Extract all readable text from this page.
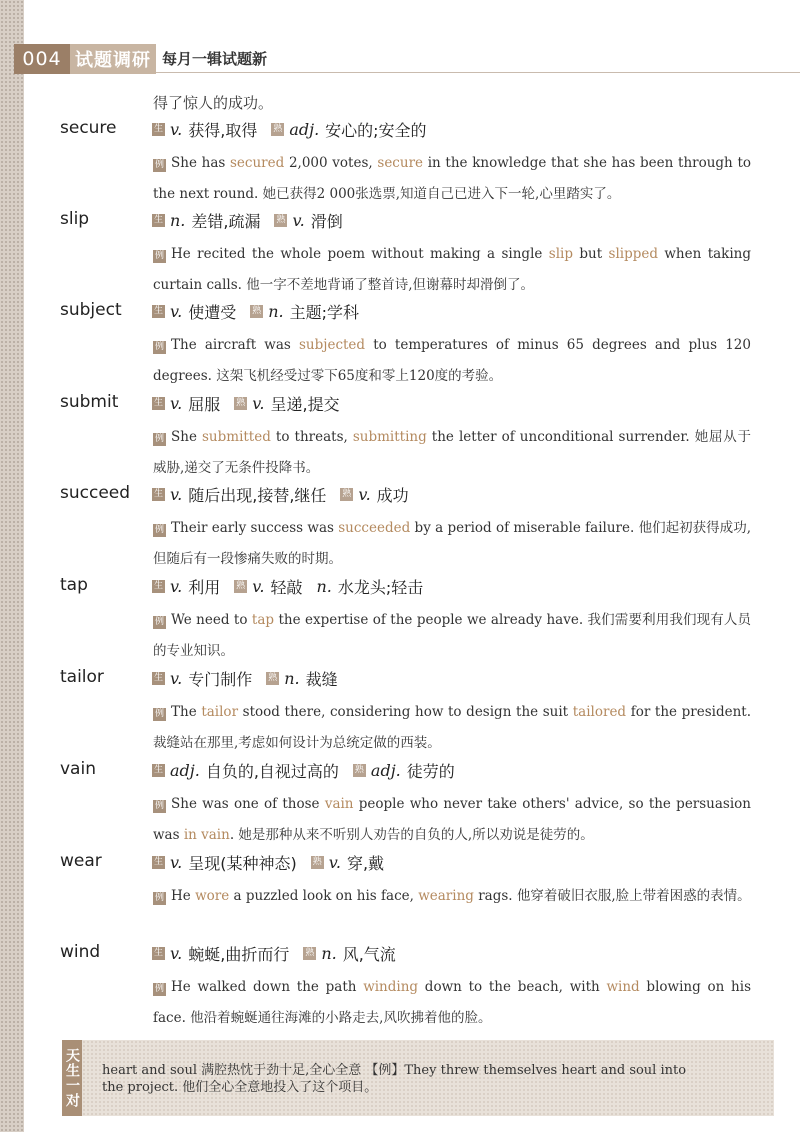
004 试题调研 每月一辑试题新
得了惊人的成功。
secure	生 v. 获得,取得 熟 adj. 安心的;安全的
例 She has secured 2,000 votes, secure in the knowledge that she has been through to the next round. 她已获得2 000张选票,知道自己已进入下一轮,心里踏实了。
slip	生 n. 差错,疏漏 熟 v. 滑倒
例 He recited the whole poem without making a single slip but slipped when taking curtain calls. 他一字不差地背诵了整首诗,但谢幕时却滑倒了。
subject	生 v. 使遭受 熟 n. 主题;学科
例 The aircraft was subjected to temperatures of minus 65 degrees and plus 120 degrees. 这架飞机经受过零下65度和零上120度的考验。
submit	生 v. 屈服 熟 v. 呈递,提交
例 She submitted to threats, submitting the letter of unconditional surrender. 她屈从于威胁,递交了无条件投降书。
succeed	生 v. 随后出现,接替,继任 熟 v. 成功
例 Their early success was succeeded by a period of miserable failure. 他们起初获得成功,但随后有一段惨痛失败的时期。
tap	生 v. 利用 熟 v. 轻敲 n. 水龙头;轻击
例 We need to tap the expertise of the people we already have. 我们需要利用我们现有人员的专业知识。
tailor	生 v. 专门制作 熟 n. 裁缝
例 The tailor stood there, considering how to design the suit tailored for the president. 裁缝站在那里,考虑如何设计为总统定做的西装。
vain	生 adj. 自负的,自视过高的 熟 adj. 徒劳的
例 She was one of those vain people who never take others' advice, so the persuasion was in vain. 她是那种从来不听别人劝告的自负的人,所以劝说是徒劳的。
wear	生 v. 呈现(某种神态) 熟 v. 穿,戴
例 He wore a puzzled look on his face, wearing rags. 他穿着破旧衣服,脸上带着困惑的表情。
wind	生 v. 蜿蜒,曲折而行 熟 n. 风,气流
例 He walked down the path winding down to the beach, with wind blowing on his face. 他沿着蜿蜒通往海滩的小路走去,风吹拂着他的脸。
天生一对 heart and soul 满腔热忱于劲十足,全心全意 【例】They threw themselves heart and soul into the project. 他们全心全意地投入了这个项目。
